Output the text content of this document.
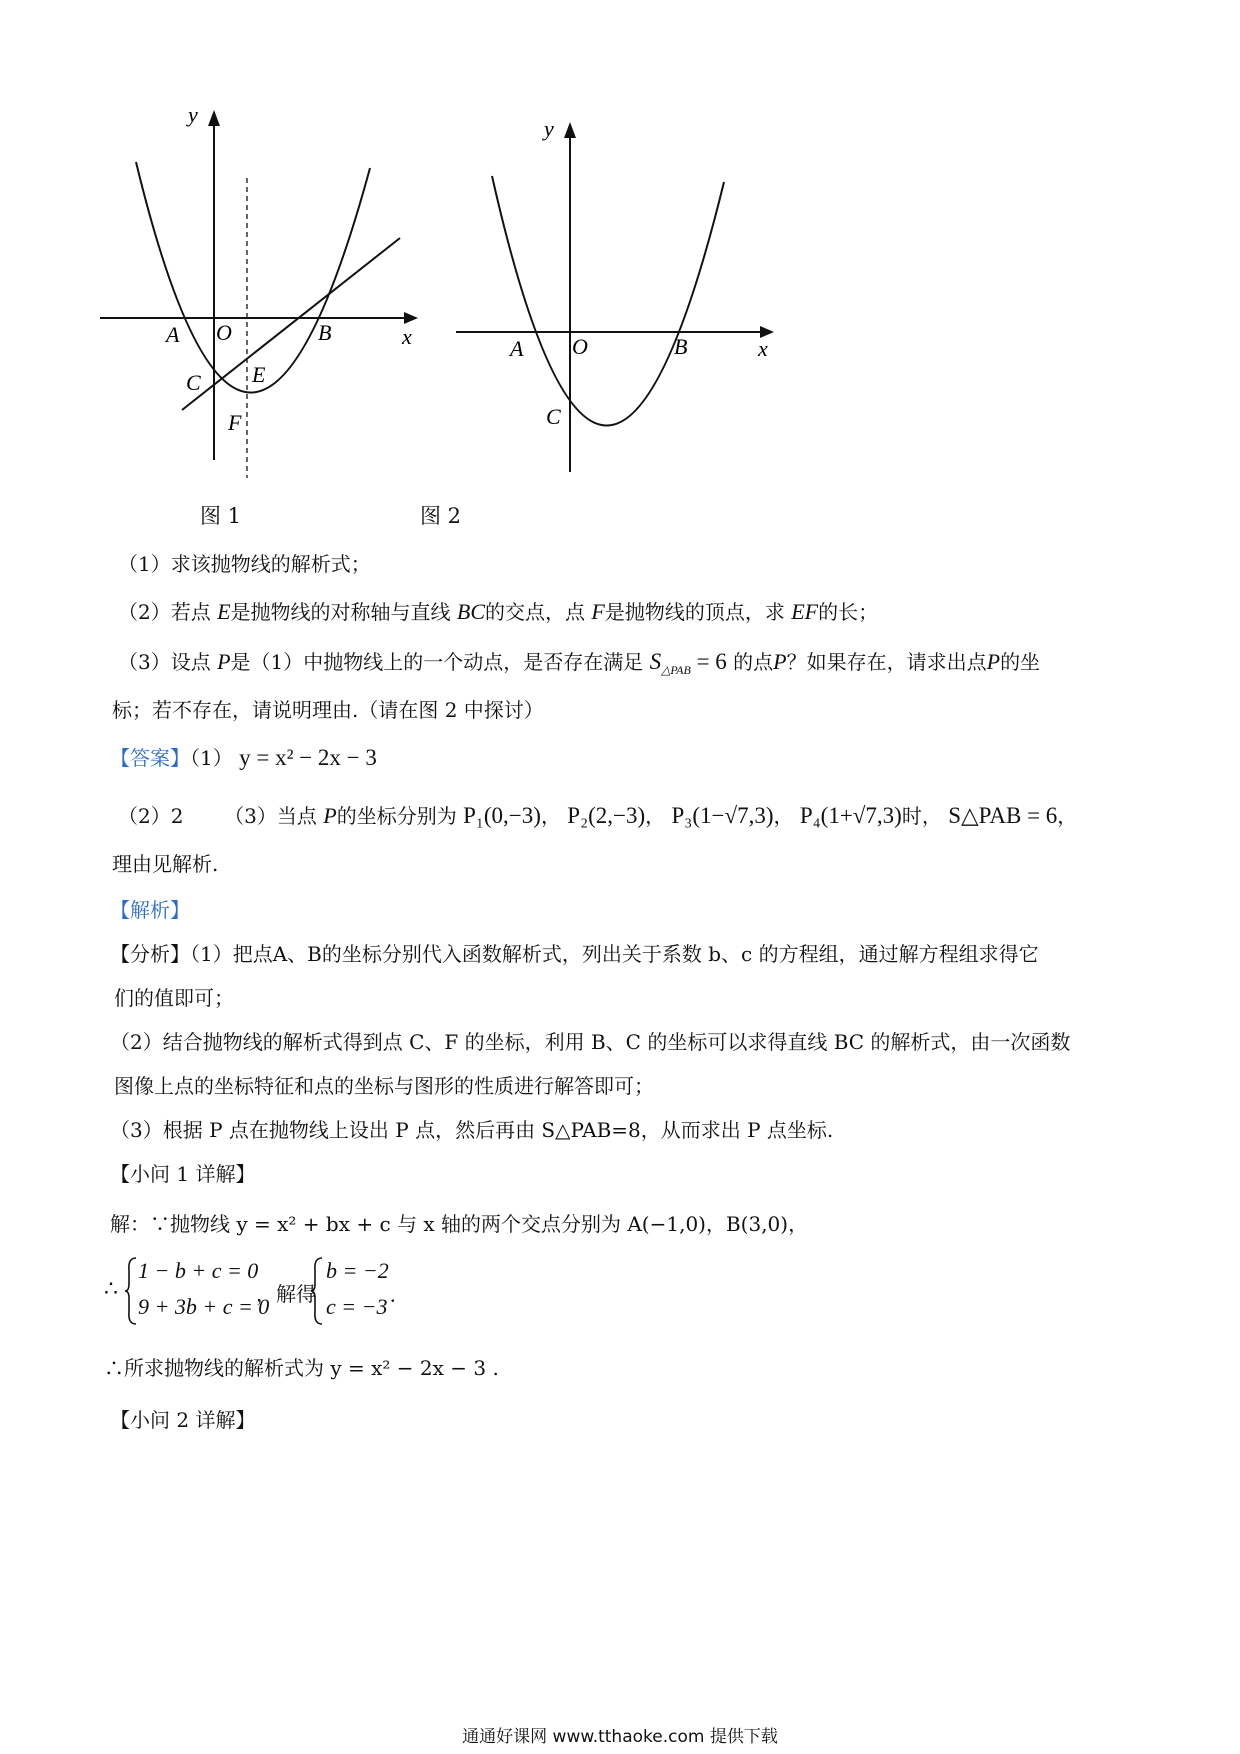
A O	B	x
y
C E
F
A O	B	x
y
C
图 1	图 2
（1）求该抛物线的解析式；
（2）若点 E是抛物线的对称轴与直线 BC的交点，点 F是抛物线的顶点，求 EF的长；
（3）设点 P是（1）中抛物线上的一个动点，是否存在满足 $S_{\triangle PAB} = 6$ 的点P？如果存在，请求出点P的坐
标；若不存在，请说明理由.（请在图 2 中探讨）
【答案】（1） y = x² − 2x − 3
（2）2 （3）当点 P的坐标分别为 P₁(0,−3)， P₂(2,−3)， P₃(1−√7,3)， P₄(1+√7,3)时， S△PAB = 6，
理由见解析.
【解析】
【分析】（1）把点A、B的坐标分别代入函数解析式，列出关于系数 b、c 的方程组，通过解方程组求得它
们的值即可；
（2）结合抛物线的解析式得到点 C、F 的坐标，利用 B、C 的坐标可以求得直线 BC 的解析式，由一次函数
图像上点的坐标特征和点的坐标与图形的性质进行解答即可；
（3）根据 P 点在抛物线上设出 P 点，然后再由 S△PAB=8，从而求出 P 点坐标.
【小问 1 详解】
解：∵抛物线 y = x² + bx + c 与 x 轴的两个交点分别为 A(−1,0)，B(3,0)，
∴
1 − b + c = 0
9 + 3b + c = 0
，解得
b = −2
c = −3 .
∴所求抛物线的解析式为 y = x² − 2x − 3 .
【小问 2 详解】
通通好课网 www.tthaoke.com 提供下载
